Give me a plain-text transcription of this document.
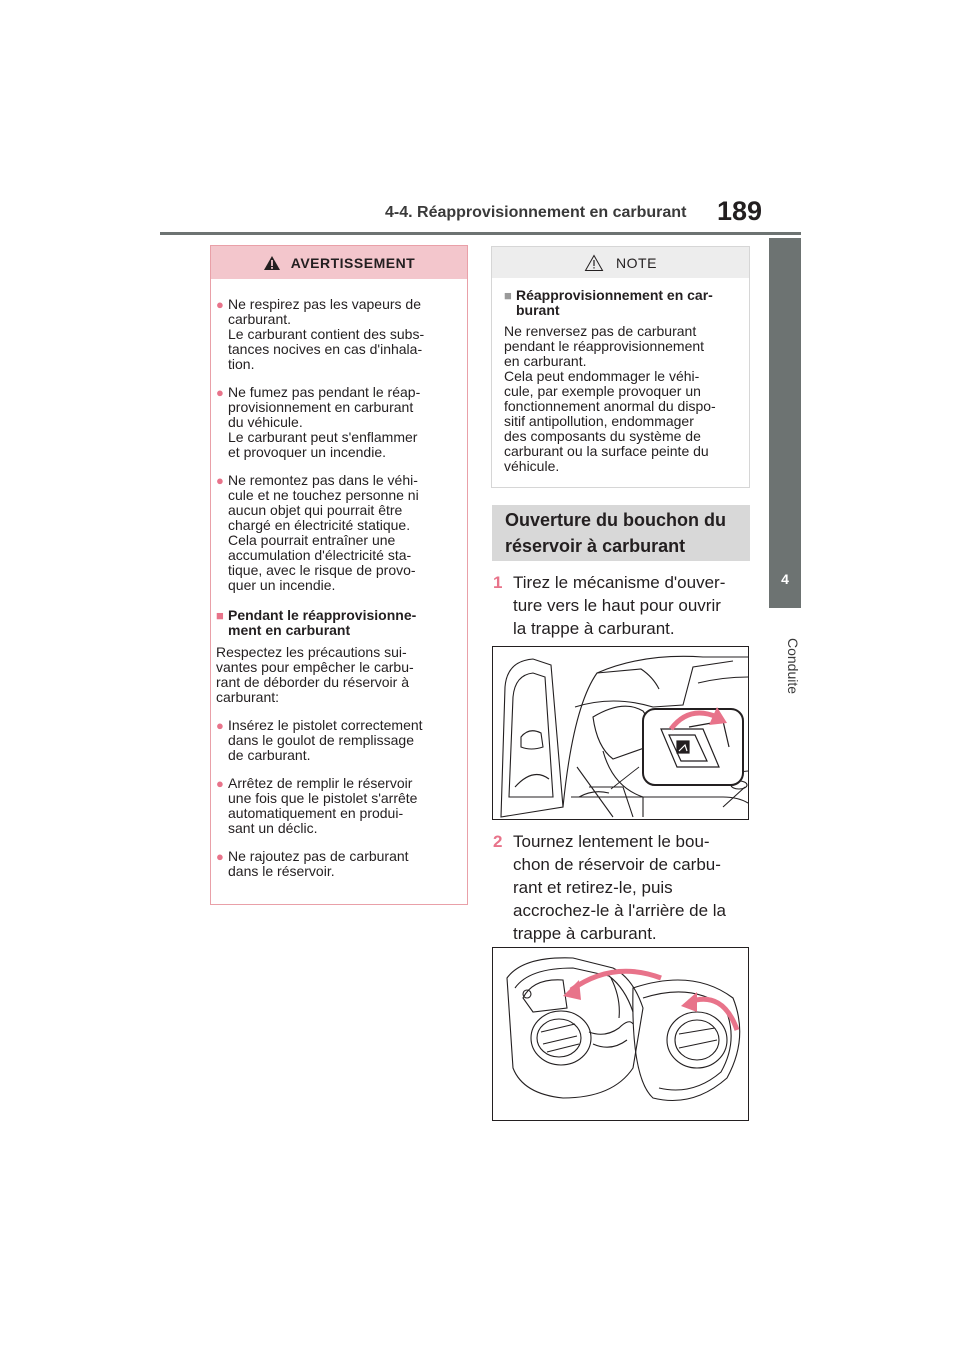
4-4. Réapprovisionnement en carburant 189
4
Conduite
AVERTISSEMENT
● Ne respirez pas les vapeurs de
carburant.
Le carburant contient des subs-
tances nocives en cas d'inhala-
tion.
● Ne fumez pas pendant le réap-
provisionnement en carburant
du véhicule.
Le carburant peut s'enflammer
et provoquer un incendie.
● Ne remontez pas dans le véhi-
cule et ne touchez personne ni
aucun objet qui pourrait être
chargé en électricité statique.
Cela pourrait entraîner une
accumulation d'électricité sta-
tique, avec le risque de provo-
quer un incendie.
■ Pendant le réapprovisionne-
ment en carburant
Respectez les précautions sui-
vantes pour empêcher le carbu-
rant de déborder du réservoir à
carburant:
● Insérez le pistolet correctement
dans le goulot de remplissage
de carburant.
● Arrêtez de remplir le réservoir
une fois que le pistolet s'arrête
automatiquement en produi-
sant un déclic.
● Ne rajoutez pas de carburant
dans le réservoir.
NOTE
■ Réapprovisionnement en car-
burant
Ne renversez pas de carburant
pendant le réapprovisionnement
en carburant.
Cela peut endommager le véhi-
cule, par exemple provoquer un
fonctionnement anormal du dispo-
sitif antipollution, endommager
des composants du système de
carburant ou la surface peinte du
véhicule.
Ouverture du bouchon du
réservoir à carburant
1 Tirez le mécanisme d'ouver-
ture vers le haut pour ouvrir
la trappe à carburant.
2 Tournez lentement le bou-
chon de réservoir de carbu-
rant et retirez-le, puis
accrochez-le à l'arrière de la
trappe à carburant.
